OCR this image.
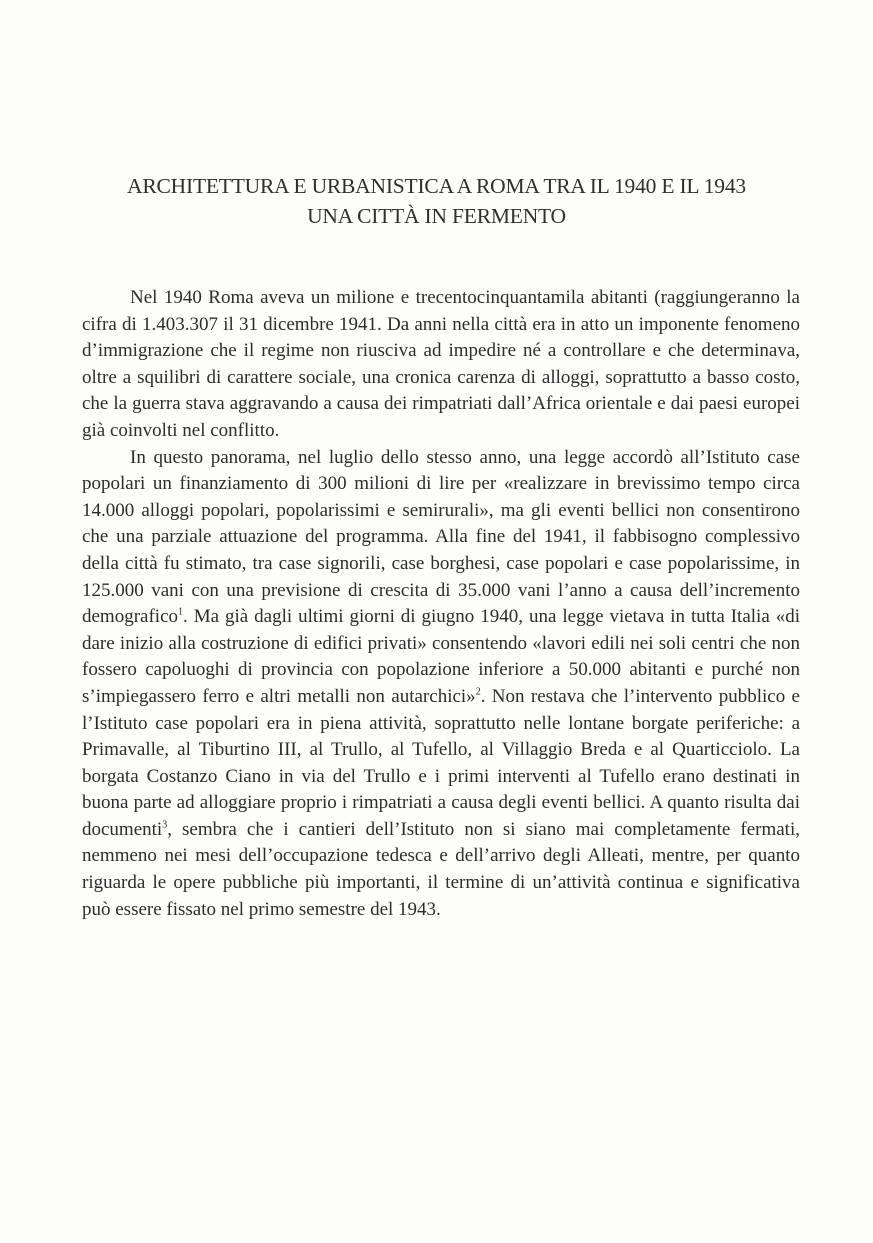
ARCHITETTURA E URBANISTICA A ROMA TRA IL 1940 E IL 1943
UNA CITTÀ IN FERMENTO

Nel 1940 Roma aveva un milione e trecentocinquantamila abitanti (raggiungeranno la cifra di 1.403.307 il 31 dicembre 1941. Da anni nella città era in atto un imponente fenomeno d’immigrazione che il regime non riusciva ad impedire né a controllare e che determinava, oltre a squilibri di carattere sociale, una cronica carenza di alloggi, soprattutto a basso costo, che la guerra stava aggravando a causa dei rimpatriati dall’Africa orientale e dai paesi europei già coinvolti nel conflitto.

In questo panorama, nel luglio dello stesso anno, una legge accordò all’Istituto case popolari un finanziamento di 300 milioni di lire per «realizzare in brevissimo tempo circa 14.000 alloggi popolari, popolarissimi e semirurali», ma gli eventi bellici non consentirono che una parziale attuazione del programma. Alla fine del 1941, il fabbisogno complessivo della città fu stimato, tra case signorili, case borghesi, case popolari e case popolarissime, in 125.000 vani con una previsione di crescita di 35.000 vani l’anno a causa dell’incremento demografico$^1$. Ma già dagli ultimi giorni di giugno 1940, una legge vietava in tutta Italia «di dare inizio alla costruzione di edifici privati» consentendo «lavori edili nei soli centri che non fossero capoluoghi di provincia con popolazione inferiore a 50.000 abitanti e purché non s’impiegassero ferro e altri metalli non autarchici»$^2$. Non restava che l’intervento pubblico e l’Istituto case popolari era in piena attività, soprattutto nelle lontane borgate periferiche: a Primavalle, al Tiburtino III, al Trullo, al Tufello, al Villaggio Breda e al Quarticciolo. La borgata Costanzo Ciano in via del Trullo e i primi interventi al Tufello erano destinati in buona parte ad alloggiare proprio i rimpatriati a causa degli eventi bellici. A quanto risulta dai documenti$^3$, sembra che i cantieri dell’Istituto non si siano mai completamente fermati, nemmeno nei mesi dell’occupazione tedesca e dell’arrivo degli Alleati, mentre, per quanto riguarda le opere pubbliche più importanti, il termine di un’attività continua e significativa può essere fissato nel primo semestre del 1943.
